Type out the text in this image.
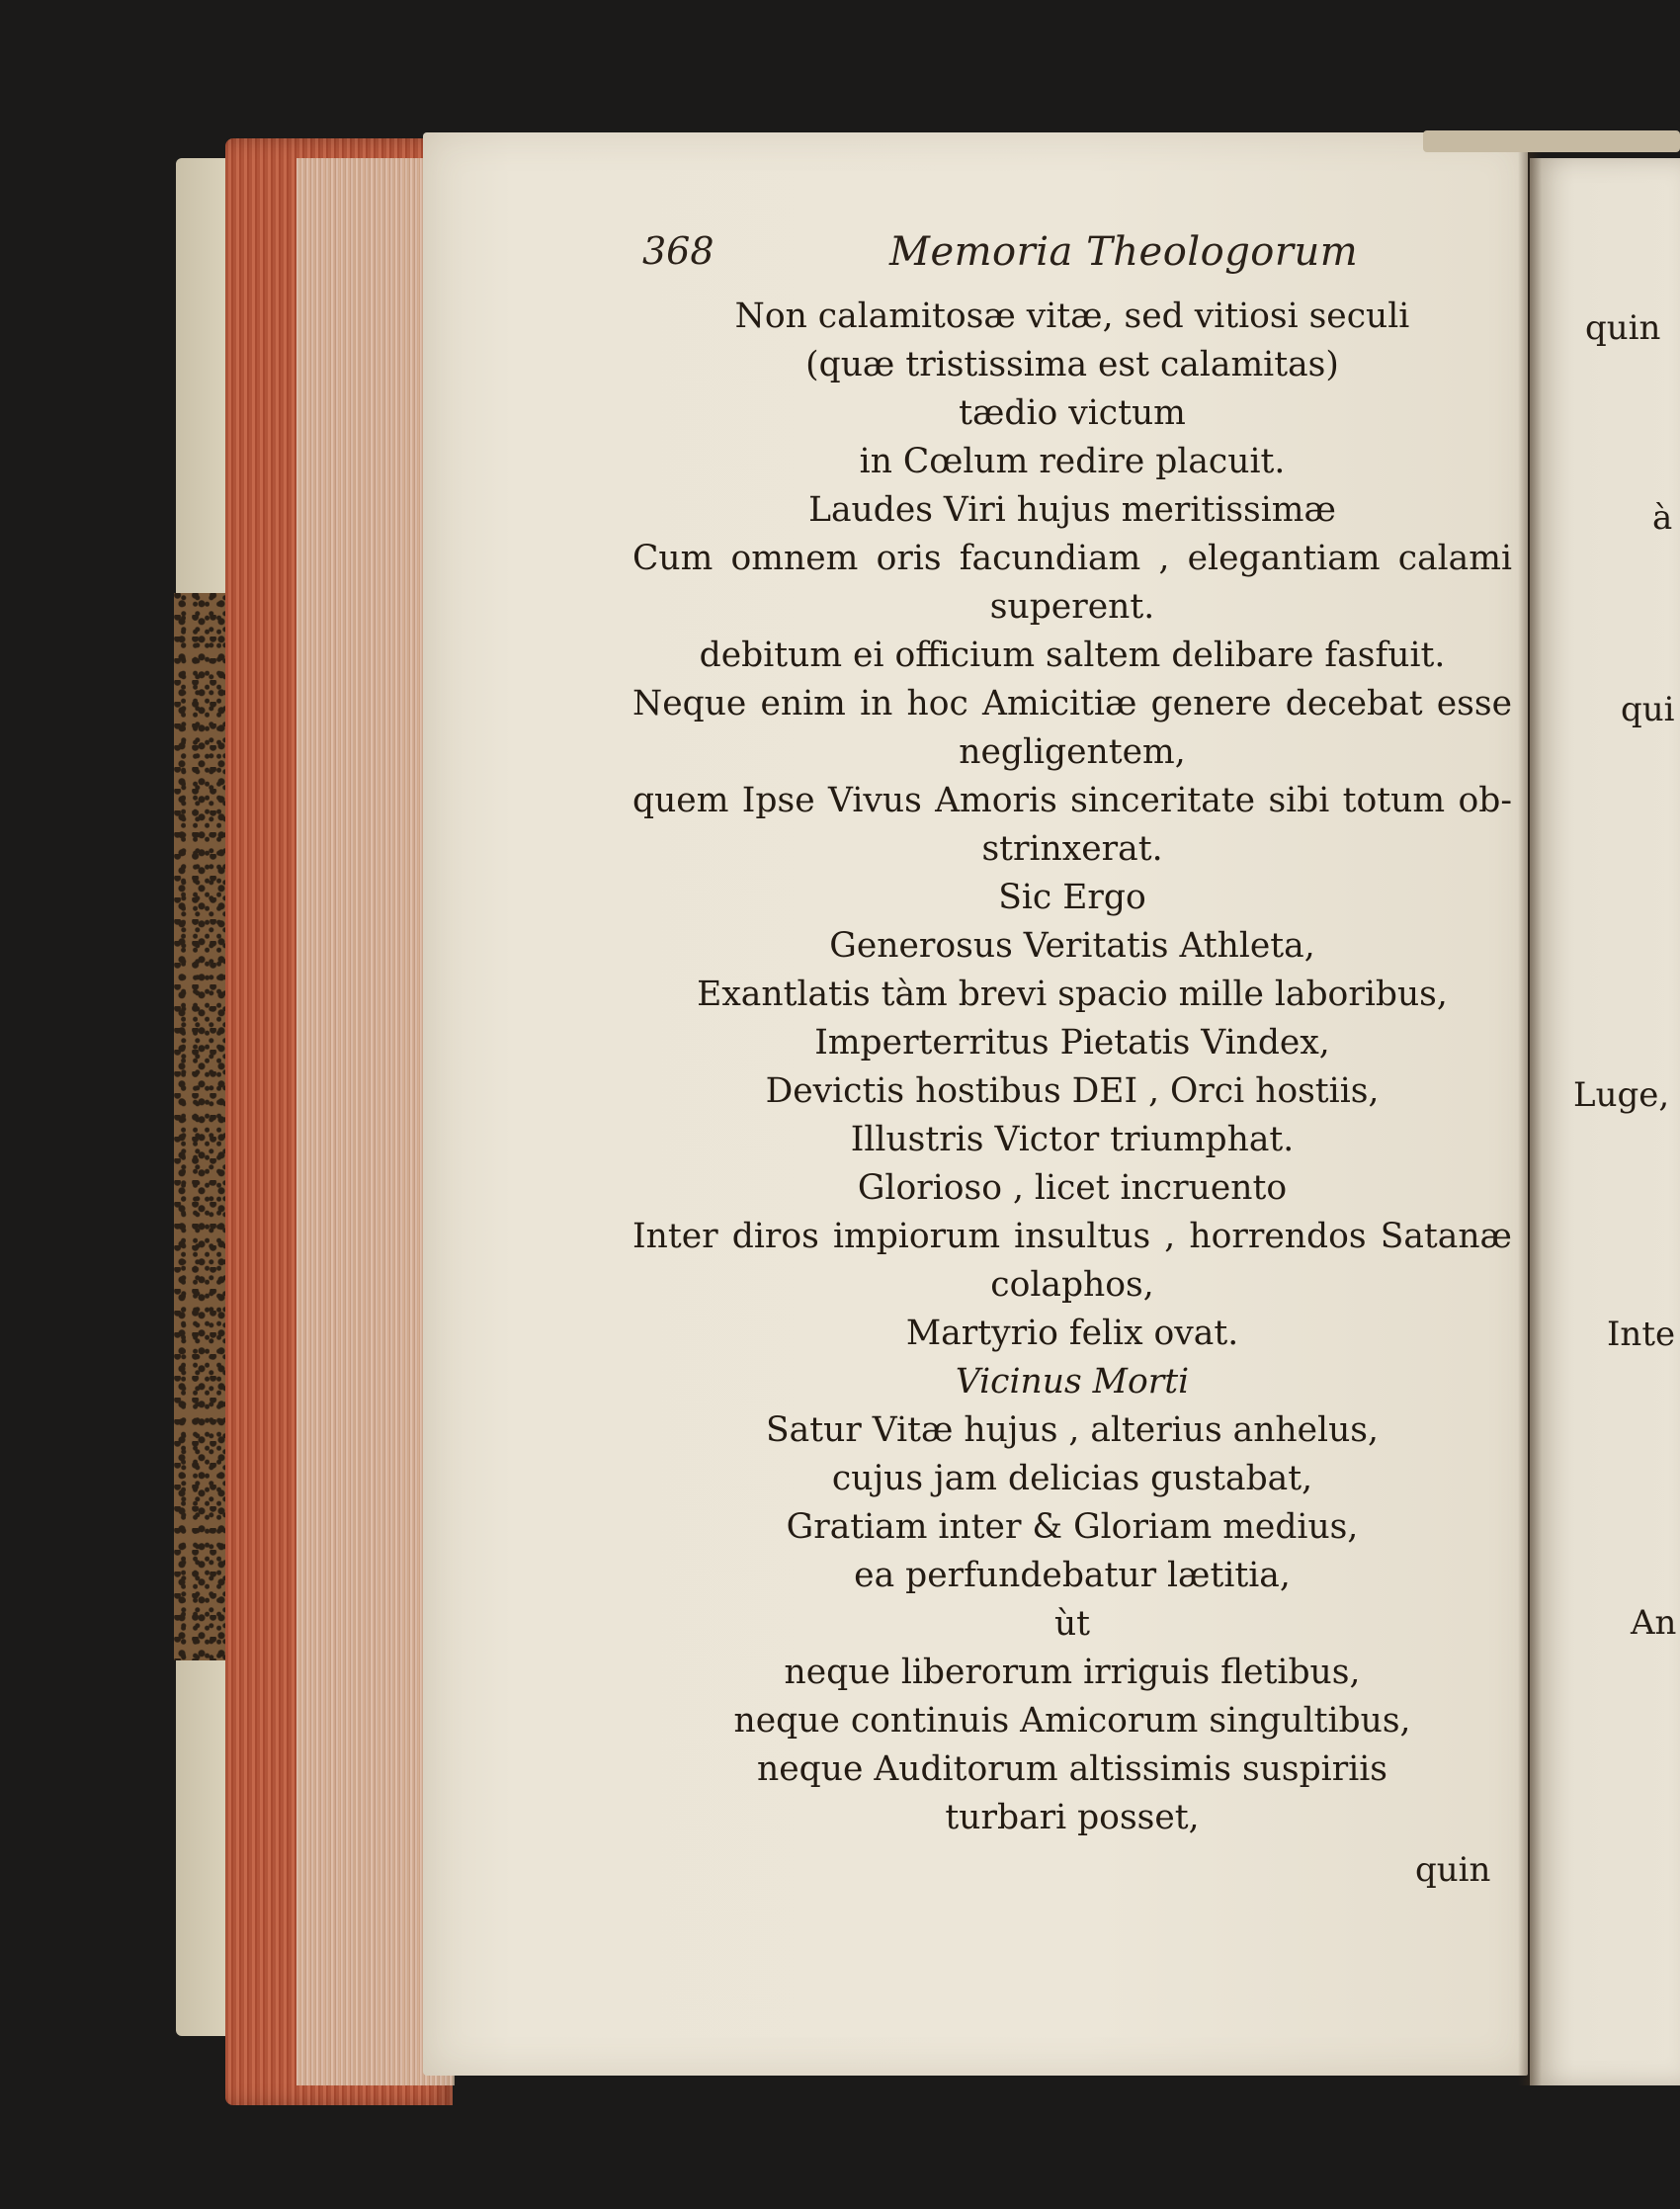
368	Memoria Theologorum
Non calamitosæ vitæ, sed vitiosi seculi
(quæ tristissima est calamitas)
tædio victum
in Cœlum redire placuit.
Laudes Viri hujus meritissimæ
Cum omnem oris facundiam , elegantiam calami
superent.
debitum ei officium saltem delibare fasfuit.
Neque enim in hoc Amicitiæ genere decebat esse
negligentem,
quem Ipse Vivus Amoris sinceritate sibi totum ob-
strinxerat.
Sic Ergo
Generosus Veritatis Athleta,
Exantlatis tàm brevi spacio mille laboribus,
Imperterritus Pietatis Vindex,
Devictis hostibus DEI , Orci hostiis,
Illustris Victor triumphat.
Glorioso , licet incruento
Inter diros impiorum insultus , horrendos Satanæ
colaphos,
Martyrio felix ovat.
Vicinus Morti
Satur Vitæ hujus , alterius anhelus,
cujus jam delicias gustabat,
Gratiam inter & Gloriam medius,
ea perfundebatur lætitia,
ùt
neque liberorum irriguis fletibus,
neque continuis Amicorum singultibus,
neque Auditorum altissimis suspiriis
turbari posset,
quin
quin
à
qui
Luge,
Inte
An
